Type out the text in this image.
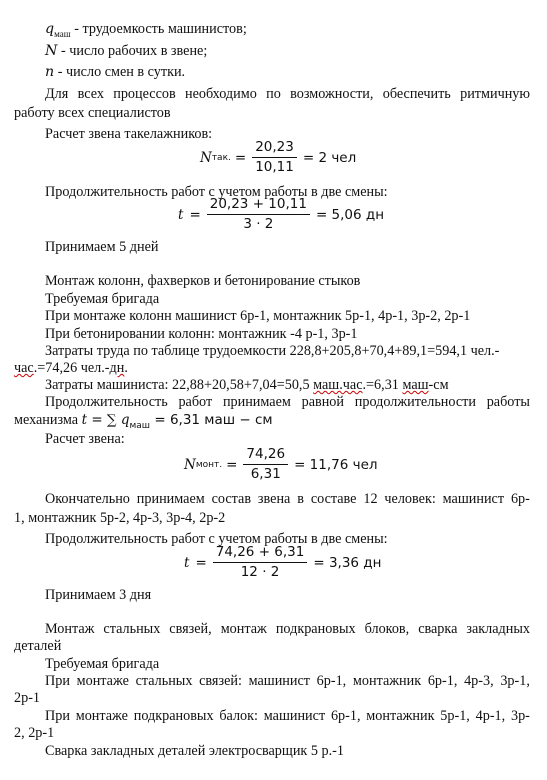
$q_{маш}$ - трудоемкость машинистов;
N - число рабочих в звене;
n - число смен в сутки.
Для всех процессов необходимо по возможности, обеспечить ритмичную
работу всех специалистов
Расчет звена такелажников:
N так. = $\frac{20,23}{10,11} = 2$ чел
Продолжительность работ с учетом работы в две смены:
$t = \frac{20,23 + 10,11}{3 \cdot 2} = 5,06$ дн
Принимаем 5 дней
Монтаж колонн, фахверков и бетонирование стыков
Требуемая бригада
При монтаже колонн машинист 6р-1, монтажник 5р-1, 4р-1, 3р-2, 2р-1
При бетонировании колонн: монтажник -4 р-1, 3р-1
Затраты труда по таблице трудоемкости 228,8+205,8+70,4+89,1=594,1 чел.-
час.=74,26 чел.-дн.
Затраты машиниста: 22,88+20,58+7,04=50,5 маш.час.=6,31 маш-см
Продолжительность работ принимаем равной продолжительности работы
механизма t = ∑ $q_{маш} = 6,31$ маш − см
Расчет звена:
N монт. = $\frac{74,26}{6,31} = 11,76$ чел
Окончательно принимаем состав звена в составе 12 человек: машинист 6р-
1, монтажник 5р-2, 4р-3, 3р-4, 2р-2
Продолжительность работ с учетом работы в две смены:
$t = \frac{74,26 + 6,31}{12 \cdot 2} = 3,36$ дн
Принимаем 3 дня
Монтаж стальных связей, монтаж подкрановых блоков, сварка закладных
деталей
Требуемая бригада
При монтаже стальных связей: машинист 6р-1, монтажник 6р-1, 4р-3, 3р-1,
2р-1
При монтаже подкрановых балок: машинист 6р-1, монтажник 5р-1, 4р-1, 3р-
2, 2р-1
Сварка закладных деталей электросварщик 5 р.-1
